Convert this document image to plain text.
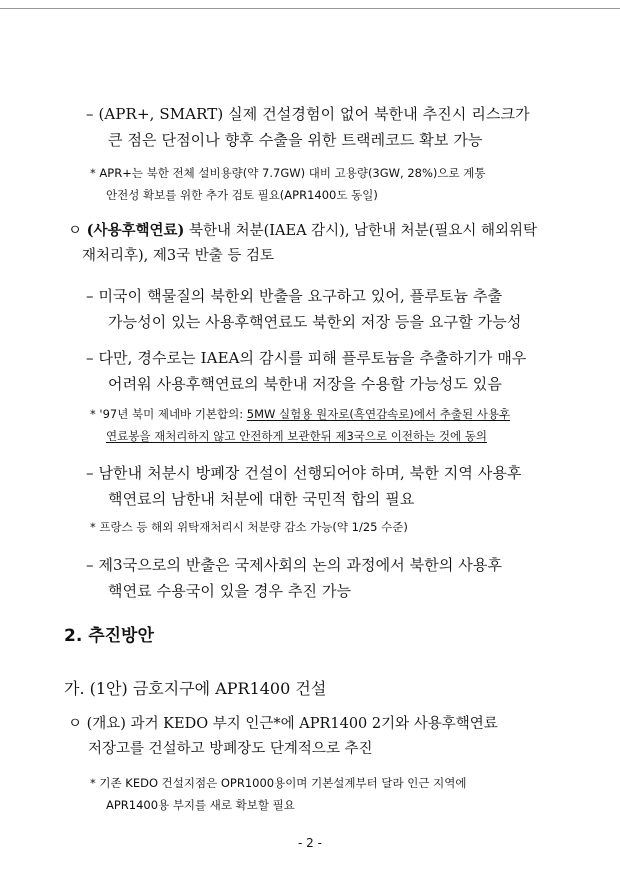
– (APR+, SMART) 실제 건설경험이 없어 북한내 추진시 리스크가
큰 점은 단점이나 향후 수출을 위한 트랙레코드 확보 가능
* APR+는 북한 전체 설비용량(약 7.7GW) 대비 고용량(3GW, 28%)으로 계통
안전성 확보를 위한 추가 검토 필요(APR1400도 동일)
ㅇ (사용후핵연료) 북한내 처분(IAEA 감시), 남한내 처분(필요시 해외위탁
재처리후), 제3국 반출 등 검토
– 미국이 핵물질의 북한외 반출을 요구하고 있어, 플루토늄 추출
가능성이 있는 사용후핵연료도 북한외 저장 등을 요구할 가능성
– 다만, 경수로는 IAEA의 감시를 피해 플루토늄을 추출하기가 매우
어려워 사용후핵연료의 북한내 저장을 수용할 가능성도 있음
* '97년 북미 제네바 기본합의: 5MW 실험용 원자로(흑연감속로)에서 추출된 사용후
연료봉을 재처리하지 않고 안전하게 보관한뒤 제3국으로 이전하는 것에 동의
– 남한내 처분시 방폐장 건설이 선행되어야 하며, 북한 지역 사용후
핵연료의 남한내 처분에 대한 국민적 합의 필요
* 프랑스 등 해외 위탁재처리시 처분량 감소 가능(약 1/25 수준)
– 제3국으로의 반출은 국제사회의 논의 과정에서 북한의 사용후
핵연료 수용국이 있을 경우 추진 가능
2. 추진방안
가. (1안) 금호지구에 APR1400 건설
ㅇ (개요) 과거 KEDO 부지 인근*에 APR1400 2기와 사용후핵연료
저장고를 건설하고 방폐장도 단계적으로 추진
* 기존 KEDO 건설지점은 OPR1000용이며 기본설계부터 달라 인근 지역에
APR1400용 부지를 새로 확보할 필요
- 2 -
